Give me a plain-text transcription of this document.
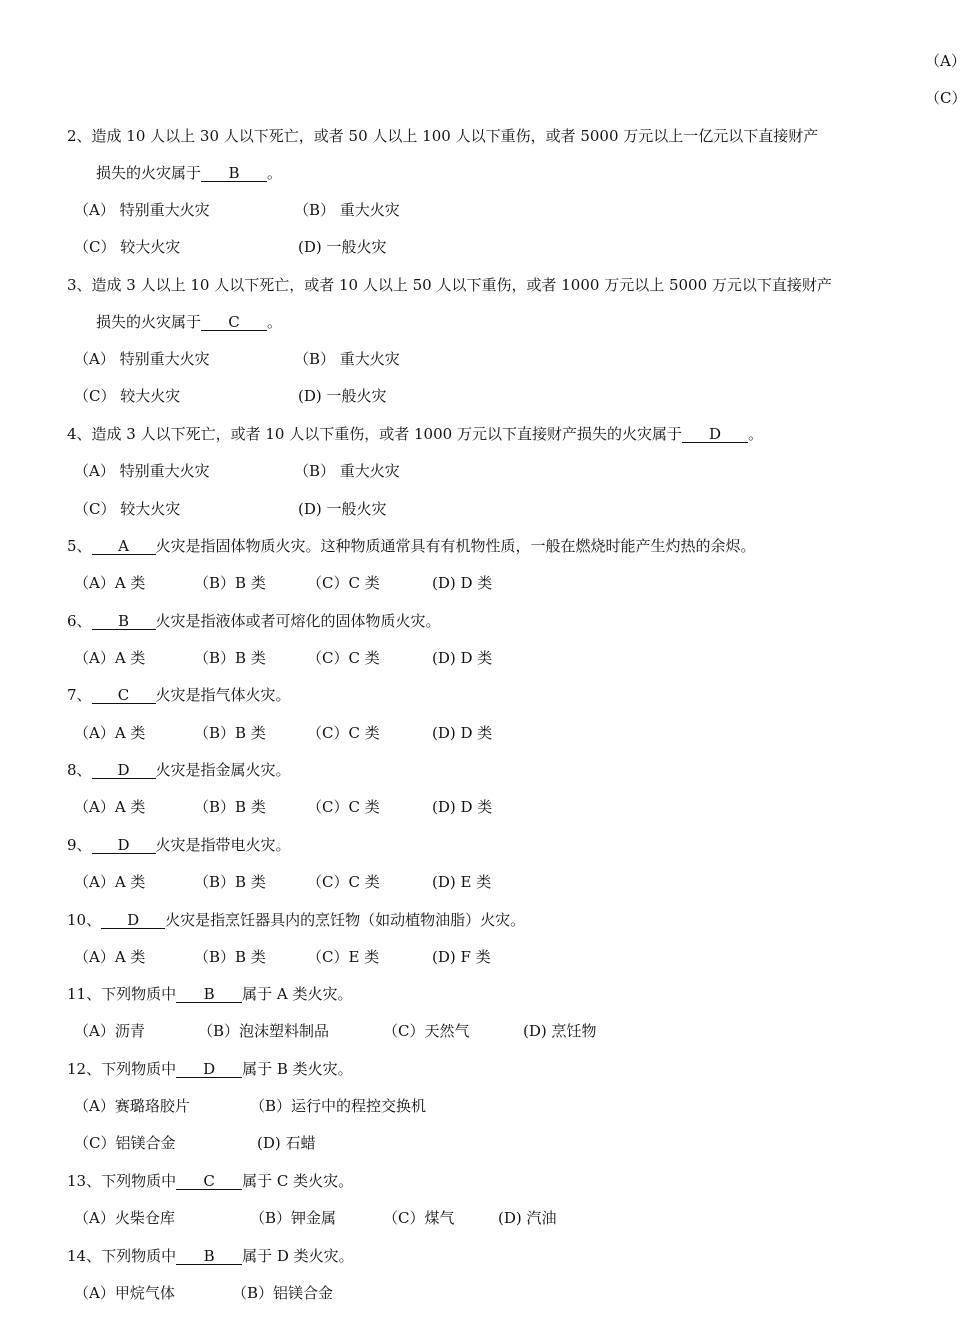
（A）
（C）
2、造成 10 人以上 30 人以下死亡，或者 50 人以上 100 人以下重伤，或者 5000 万元以上一亿元以下直接财产
损失的火灾属于 B 。
（A） 特别重大火灾	（B） 重大火灾
（C） 较大火灾	(D) 一般火灾
3、造成 3 人以上 10 人以下死亡，或者 10 人以上 50 人以下重伤，或者 1000 万元以上 5000 万元以下直接财产
损失的火灾属于 C 。
（A） 特别重大火灾	（B） 重大火灾
（C） 较大火灾	(D) 一般火灾
4、造成 3 人以下死亡，或者 10 人以下重伤，或者 1000 万元以下直接财产损失的火灾属于 D 。
（A） 特别重大火灾	（B） 重大火灾
（C） 较大火灾	(D) 一般火灾
5、 A 火灾是指固体物质火灾。这种物质通常具有有机物性质，一般在燃烧时能产生灼热的余烬。
（A）A 类	（B）B 类	（C）C 类	(D) D 类
6、 B 火灾是指液体或者可熔化的固体物质火灾。
（A）A 类	（B）B 类	（C）C 类	(D) D 类
7、 C 火灾是指气体火灾。
（A）A 类	（B）B 类	（C）C 类	(D) D 类
8、 D 火灾是指金属火灾。
（A）A 类	（B）B 类	（C）C 类	(D) D 类
9、 D 火灾是指带电火灾。
（A）A 类	（B）B 类	（C）C 类	(D) E 类
10、 D 火灾是指烹饪器具内的烹饪物（如动植物油脂）火灾。
（A）A 类	（B）B 类	（C）E 类	(D) F 类
11、下列物质中 B 属于 A 类火灾。
（A）沥青	（B）泡沫塑料制品	（C）天然气	(D) 烹饪物
12、下列物质中 D 属于 B 类火灾。
（A）赛璐珞胶片	（B）运行中的程控交换机
（C）铝镁合金	(D) 石蜡
13、下列物质中 C 属于 C 类火灾。
（A）火柴仓库	（B）钾金属	（C）煤气	(D) 汽油
14、下列物质中 B 属于 D 类火灾。
（A）甲烷气体	（B）铝镁合金
